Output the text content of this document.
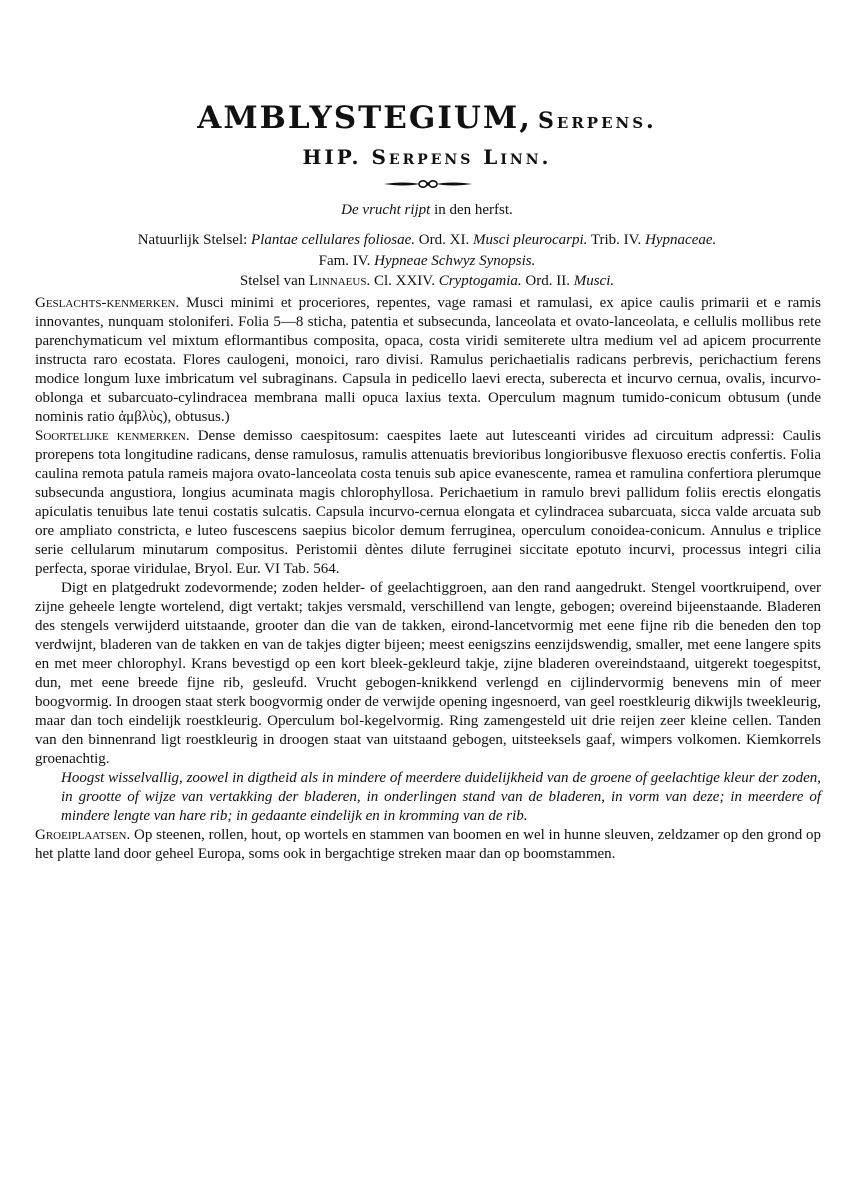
AMBLYSTEGIUM, Serpens.
HIP. Serpens Linn.
De vrucht rijpt in den herfst.
Natuurlijk Stelsel: Plantae cellulares foliosae. Ord. XI. Musci pleurocarpi. Trib. IV. Hypnaceae.
Fam. IV. Hypneae Schwyz Synopsis.
Stelsel van Linnaeus. Cl. XXIV. Cryptogamia. Ord. II. Musci.

Geslachts-kenmerken. Musci minimi et proceriores, repentes, vage ramasi et ramulasi, ex apice caulis primarii et e ramis innovantes, nunquam stoloniferi. Folia 5—8 sticha, patentia et subsecunda, lanceolata et ovato-lanceolata, e cellulis mollibus rete parenchymaticum vel mixtum eflormantibus composita, opaca, costa viridi semiterete ultra medium vel ad apicem procurrente instructa raro ecostata. Flores caulogeni, monoici, raro divisi. Ramulus perichaetialis radicans perbrevis, perichactium ferens modice longum luxe imbricatum vel subraginans. Capsula in pedicello laevi erecta, suberecta et incurvo cernua, ovalis, incurvo-oblonga et subarcuato-cylindracea membrana malli opuca laxius texta. Operculum magnum tumido-conicum obtusum (unde nominis ratio ἀμβλὺς), obtusus.)

Soortelijke kenmerken. Dense demisso caespitosum: caespites laete aut lutesceanti virides ad circuitum adpressi: Caulis prorepens tota longitudine radicans, dense ramulosus, ramulis attenuatis brevioribus longioribusve flexuoso erectis confertis. Folia caulina remota patula rameis majora ovato-lanceolata costa tenuis sub apice evanescente, ramea et ramulina confertiora plerumque subsecunda angustiora, longius acuminata magis chlorophyllosa. Perichaetium in ramulo brevi pallidum foliis erectis elongatis apiculatis tenuibus late tenui costatis sulcatis. Capsula incurvo-cernua elongata et cylindracea subarcuata, sicca valde arcuata sub ore ampliato constricta, e luteo fuscescens saepius bicolor demum ferruginea, operculum conoidea-conicum. Annulus e triplice serie cellularum minutarum compositus. Peristomii dèntes dilute ferruginei siccitate epotuto incurvi, processus integri cilia perfecta, sporae viridulae, Bryol. Eur. VI Tab. 564.

Digt en platgedrukt zodevormende; zoden helder- of geelachtiggroen, aan den rand aangedrukt. Stengel voortkruipend, over zijne geheele lengte wortelend, digt vertakt; takjes versmald, verschillend van lengte, gebogen; overeind bijeenstaande. Bladeren des stengels verwijderd uitstaande, grooter dan die van de takken, eirond-lancetvormig met eene fijne rib die beneden den top verdwijnt, bladeren van de takken en van de takjes digter bijeen; meest eenigszins eenzijdswendig, smaller, met eene langere spits en met meer chlorophyl. Krans bevestigd op een kort bleek-gekleurd takje, zijne bladeren overeindstaand, uitgerekt toegespitst, dun, met eene breede fijne rib, gesleufd. Vrucht gebogen-knikkend verlengd en cijlindervormig benevens min of meer boogvormig. In droogen staat sterk boogvormig onder de verwijde opening ingesnoerd, van geel roestkleurig dikwijls tweekleurig, maar dan toch eindelijk roestkleurig. Operculum bol-kegelvormig. Ring zamengesteld uit drie reijen zeer kleine cellen. Tanden van den binnenrand ligt roestkleurig in droogen staat van uitstaand gebogen, uitsteeksels gaaf, wimpers volkomen. Kiemkorrels groenachtig.

Hoogst wisselvallig, zoowel in digtheid als in mindere of meerdere duidelijkheid van de groene of geelachtige kleur der zoden, in grootte of wijze van vertakking der bladeren, in onderlingen stand van de bladeren, in vorm van deze; in meerdere of mindere lengte van hare rib; in gedaante eindelijk en in kromming van de rib.

Groeiplaatsen. Op steenen, rollen, hout, op wortels en stammen van boomen en wel in hunne sleuven, zeldzamer op den grond op het platte land door geheel Europa, soms ook in bergachtige streken maar dan op boomstammen.
